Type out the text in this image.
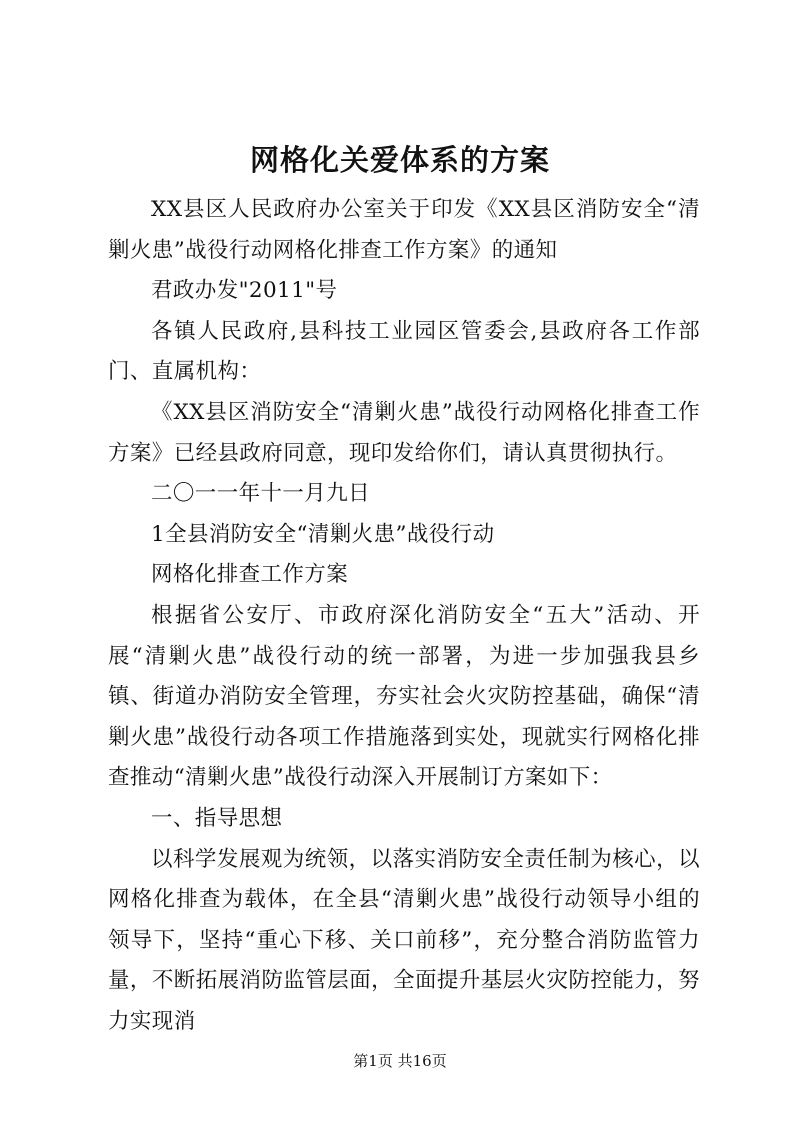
网格化关爱体系的方案

XX县区人民政府办公室关于印发《XX县区消防安全“清剿火患”战役行动网格化排查工作方案》的通知

君政办发"2011"号

各镇人民政府,县科技工业园区管委会,县政府各工作部门、直属机构：

《XX县区消防安全“清剿火患”战役行动网格化排查工作方案》已经县政府同意，现印发给你们，请认真贯彻执行。

二〇一一年十一月九日

1全县消防安全“清剿火患”战役行动

网格化排查工作方案

根据省公安厅、市政府深化消防安全“五大”活动、开展“清剿火患”战役行动的统一部署，为进一步加强我县乡镇、街道办消防安全管理，夯实社会火灾防控基础，确保“清剿火患”战役行动各项工作措施落到实处，现就实行网格化排查推动“清剿火患”战役行动深入开展制订方案如下：

一、指导思想

以科学发展观为统领，以落实消防安全责任制为核心，以网格化排查为载体，在全县“清剿火患”战役行动领导小组的领导下，坚持“重心下移、关口前移”，充分整合消防监管力量，不断拓展消防监管层面，全面提升基层火灾防控能力，努力实现消

第1页 共16页
